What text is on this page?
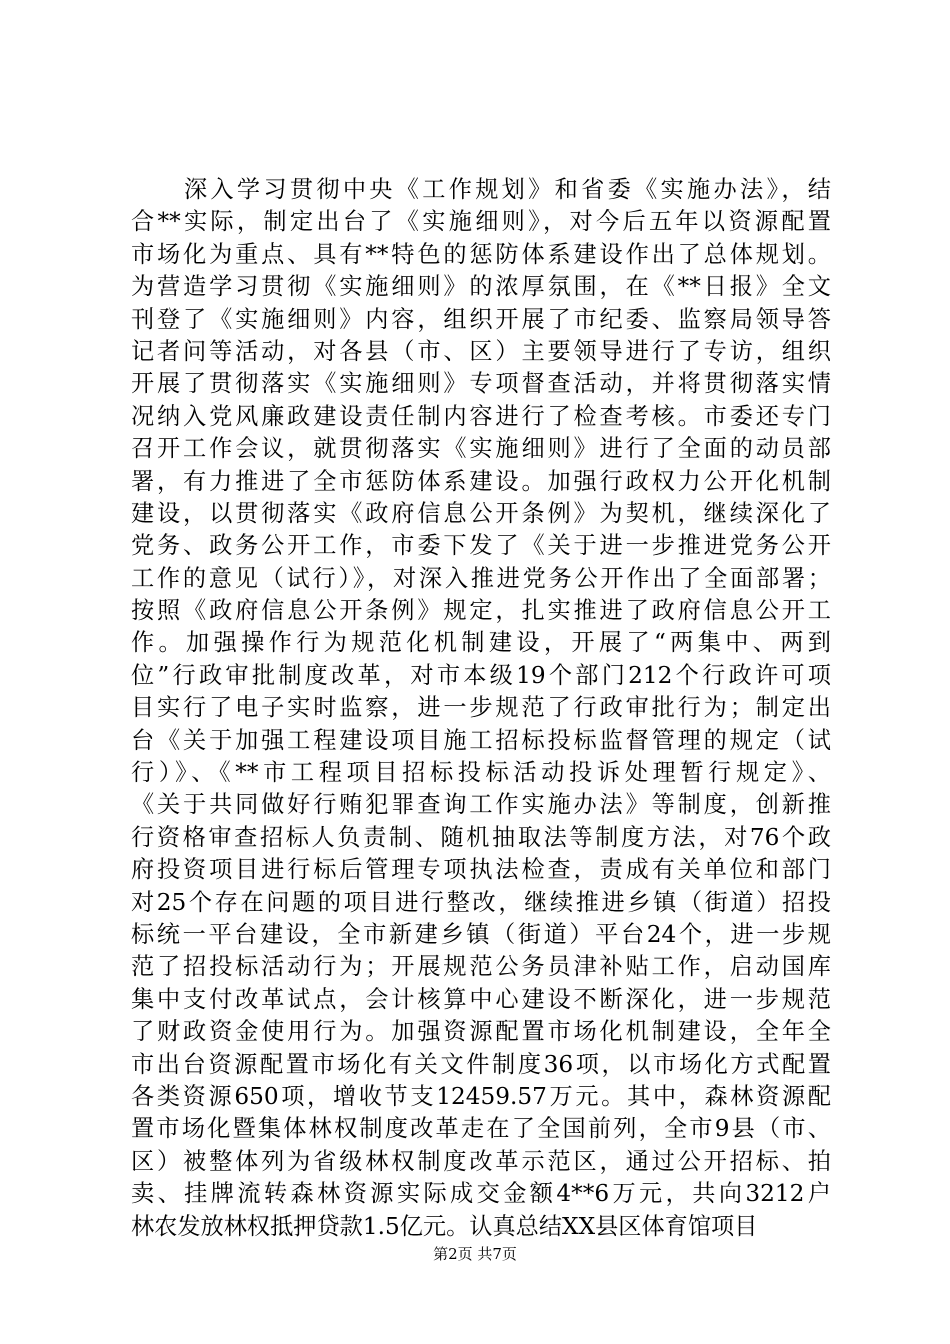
　　深入学习贯彻中央《工作规划》和省委《实施办法》，结
合**实际，制定出台了《实施细则》，对今后五年以资源配置
市场化为重点、具有**特色的惩防体系建设作出了总体规划。
为营造学习贯彻《实施细则》的浓厚氛围，在《**日报》全文
刊登了《实施细则》内容，组织开展了市纪委、监察局领导答
记者问等活动，对各县（市、区）主要领导进行了专访，组织
开展了贯彻落实《实施细则》专项督查活动，并将贯彻落实情
况纳入党风廉政建设责任制内容进行了检查考核。市委还专门
召开工作会议，就贯彻落实《实施细则》进行了全面的动员部
署，有力推进了全市惩防体系建设。加强行政权力公开化机制
建设，以贯彻落实《政府信息公开条例》为契机，继续深化了
党务、政务公开工作，市委下发了《关于进一步推进党务公开
工作的意见（试行）》，对深入推进党务公开作出了全面部署；
按照《政府信息公开条例》规定，扎实推进了政府信息公开工
作。加强操作行为规范化机制建设，开展了“两集中、两到
位”行政审批制度改革，对市本级19个部门212个行政许可项
目实行了电子实时监察，进一步规范了行政审批行为；制定出
台《关于加强工程建设项目施工招标投标监督管理的规定（试
行）》、《**市工程项目招标投标活动投诉处理暂行规定》、
《关于共同做好行贿犯罪查询工作实施办法》等制度，创新推
行资格审查招标人负责制、随机抽取法等制度方法，对76个政
府投资项目进行标后管理专项执法检查，责成有关单位和部门
对25个存在问题的项目进行整改，继续推进乡镇（街道）招投
标统一平台建设，全市新建乡镇（街道）平台24个，进一步规
范了招投标活动行为；开展规范公务员津补贴工作，启动国库
集中支付改革试点，会计核算中心建设不断深化，进一步规范
了财政资金使用行为。加强资源配置市场化机制建设，全年全
市出台资源配置市场化有关文件制度36项，以市场化方式配置
各类资源650项，增收节支12459.57万元。其中，森林资源配
置市场化暨集体林权制度改革走在了全国前列，全市9县（市、
区）被整体列为省级林权制度改革示范区，通过公开招标、拍
卖、挂牌流转森林资源实际成交金额4**6万元，共向3212户
林农发放林权抵押贷款1.5亿元。认真总结XX县区体育馆项目
第2页 共7页
